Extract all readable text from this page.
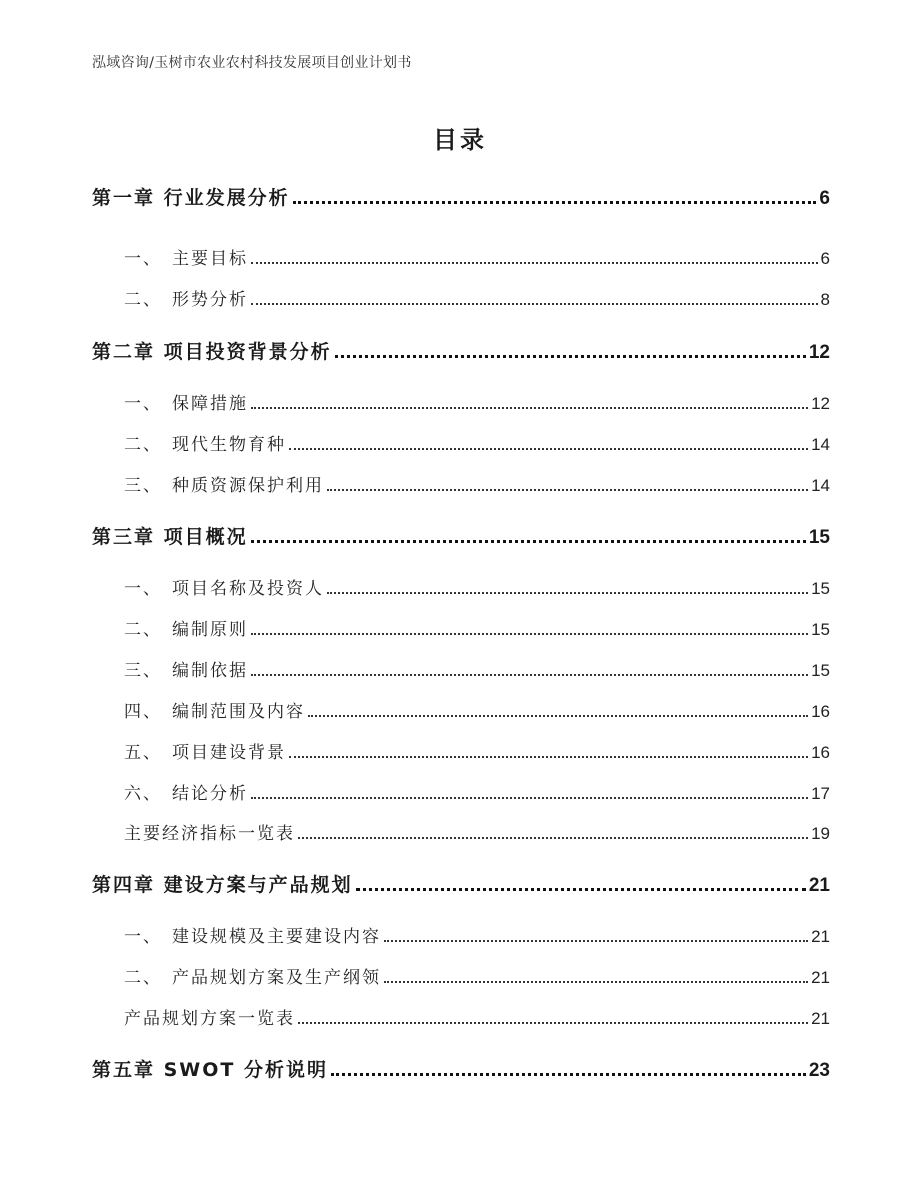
泓域咨询/玉树市农业农村科技发展项目创业计划书
目录
第一章 行业发展分析	6
一、 主要目标	6
二、 形势分析	8
第二章 项目投资背景分析	12
一、 保障措施	12
二、 现代生物育种	14
三、 种质资源保护利用	14
第三章 项目概况	15
一、 项目名称及投资人	15
二、 编制原则	15
三、 编制依据	15
四、 编制范围及内容	16
五、 项目建设背景	16
六、 结论分析	17
主要经济指标一览表	19
第四章 建设方案与产品规划	21
一、 建设规模及主要建设内容	21
二、 产品规划方案及生产纲领	21
产品规划方案一览表	21
第五章 SWOT 分析说明	23
